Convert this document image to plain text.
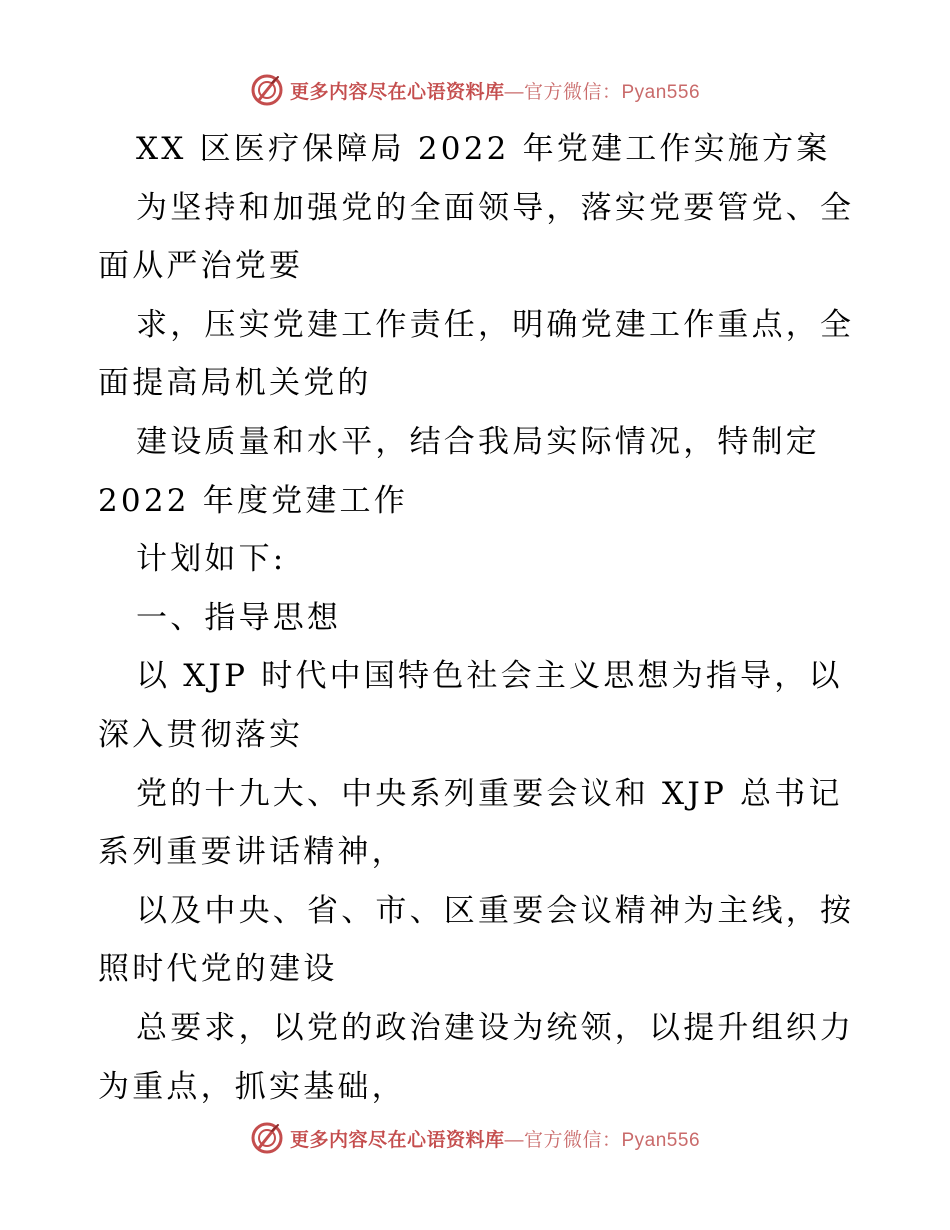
更多内容尽在心语资料库—官方微信：Pyan556
XX 区医疗保障局 2022 年党建工作实施方案
为坚持和加强党的全面领导，落实党要管党、全
面从严治党要
求，压实党建工作责任，明确党建工作重点，全
面提高局机关党的
建设质量和水平，结合我局实际情况，特制定
2022 年度党建工作
计划如下:
一、指导思想
以 XJP 时代中国特色社会主义思想为指导，以
深入贯彻落实
党的十九大、中央系列重要会议和 XJP 总书记
系列重要讲话精神，
以及中央、省、市、区重要会议精神为主线，按
照时代党的建设
总要求，以党的政治建设为统领，以提升组织力
为重点，抓实基础，
更多内容尽在心语资料库—官方微信：Pyan556
